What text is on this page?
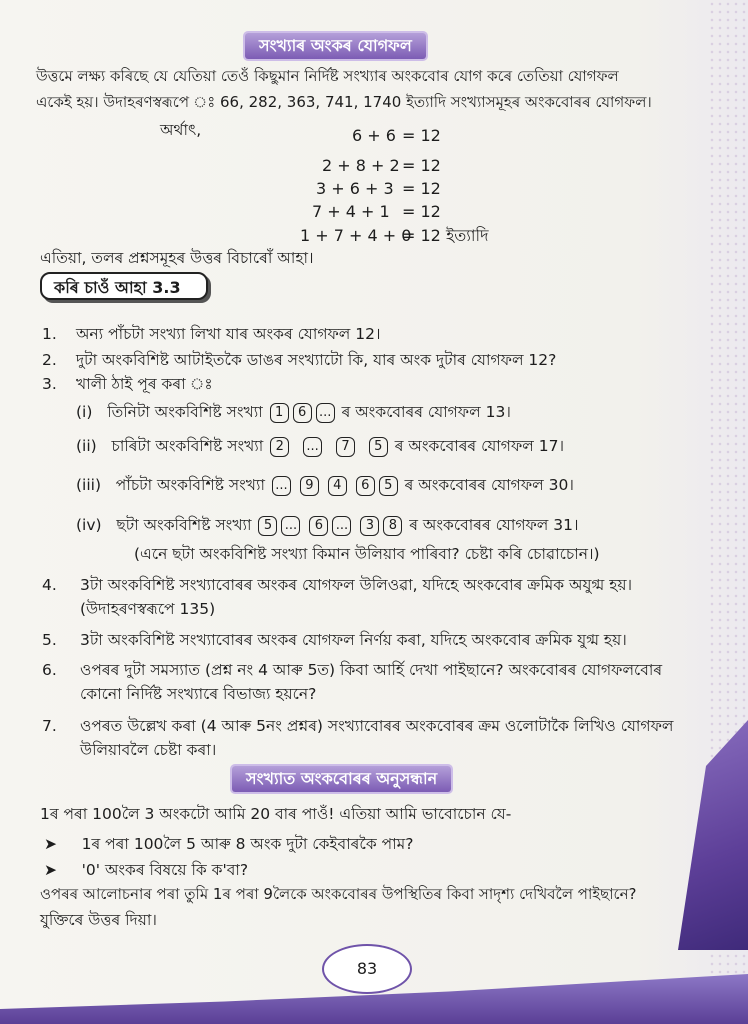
সংখ্যাৰ অংকৰ যোগফল
উত্তমে লক্ষ্য কৰিছে যে যেতিয়া তেওঁ কিছুমান নিৰ্দিষ্ট সংখ্যাৰ অংকবোৰ যোগ কৰে তেতিয়া যোগফল
একেই হয়। উদাহৰণস্বৰূপে ঃ 66, 282, 363, 741, 1740 ইত্যাদি সংখ্যাসমূহৰ অংকবোৰৰ যোগফল।
অৰ্থাৎ,	6 + 6 = 12
2 + 8 + 2 = 12
3 + 6 + 3 = 12
7 + 4 + 1 = 12
1 + 7 + 4 + 0
= 12 ইত্যাদি
এতিয়া, তলৰ প্ৰশ্নসমূহৰ উত্তৰ বিচাৰোঁ আহা।
কৰি চাওঁ আহা 3.3
1. অন্য পাঁচটা সংখ্যা লিখা যাৰ অংকৰ যোগফল 12।
2. দুটা অংকবিশিষ্ট আটাইতকৈ ডাঙৰ সংখ্যাটো কি, যাৰ অংক দুটাৰ যোগফল 12?
3. খালী ঠাই পূৰ কৰা ঃ
(i) তিনিটা অংকবিশিষ্ট সংখ্যা 1 6 ... ৰ অংকবোৰৰ যোগফল 13।
(ii) চাৰিটা অংকবিশিষ্ট সংখ্যা 2 ... 7 5 ৰ অংকবোৰৰ যোগফল 17।
(iii) পাঁচটা অংকবিশিষ্ট সংখ্যা ... 9 4 6 5 ৰ অংকবোৰৰ যোগফল 30।
(iv) ছটা অংকবিশিষ্ট সংখ্যা 5 ... 6 ... 3 8 ৰ অংকবোৰৰ যোগফল 31।
(এনে ছটা অংকবিশিষ্ট সংখ্যা কিমান উলিয়াব পাৰিবা? চেষ্টা কৰি চোৱাচোন।)
4. 3টা অংকবিশিষ্ট সংখ্যাবোৰৰ অংকৰ যোগফল উলিওৱা, যদিহে অংকবোৰ ক্ৰমিক অযুগ্ম হয়।
(উদাহৰণস্বৰূপে 135)
5. 3টা অংকবিশিষ্ট সংখ্যাবোৰৰ অংকৰ যোগফল নিৰ্ণয় কৰা, যদিহে অংকবোৰ ক্ৰমিক যুগ্ম হয়।
6. ওপৰৰ দুটা সমস্যাত (প্ৰশ্ন নং 4 আৰু 5ত) কিবা আৰ্হি দেখা পাইছানে? অংকবোৰৰ যোগফলবোৰ
কোনো নিৰ্দিষ্ট সংখ্যাৰে বিভাজ্য হয়নে?
7. ওপৰত উল্লেখ কৰা (4 আৰু 5নং প্ৰশ্নৰ) সংখ্যাবোৰৰ অংকবোৰৰ ক্ৰম ওলোটাকৈ লিখিও যোগফল
উলিয়াবলৈ চেষ্টা কৰা।
সংখ্যাত অংকবোৰৰ অনুসন্ধান
1ৰ পৰা 100লৈ 3 অংকটো আমি 20 বাৰ পাওঁ! এতিয়া আমি ভাবোচোন যে-
➤ 1ৰ পৰা 100লৈ 5 আৰু 8 অংক দুটা কেইবাৰকৈ পাম?
➤ '0' অংকৰ বিষয়ে কি ক'বা?
ওপৰৰ আলোচনাৰ পৰা তুমি 1ৰ পৰা 9লৈকে অংকবোৰৰ উপস্থিতিৰ কিবা সাদৃশ্য দেখিবলৈ পাইছানে?
যুক্তিৰে উত্তৰ দিয়া।
83
